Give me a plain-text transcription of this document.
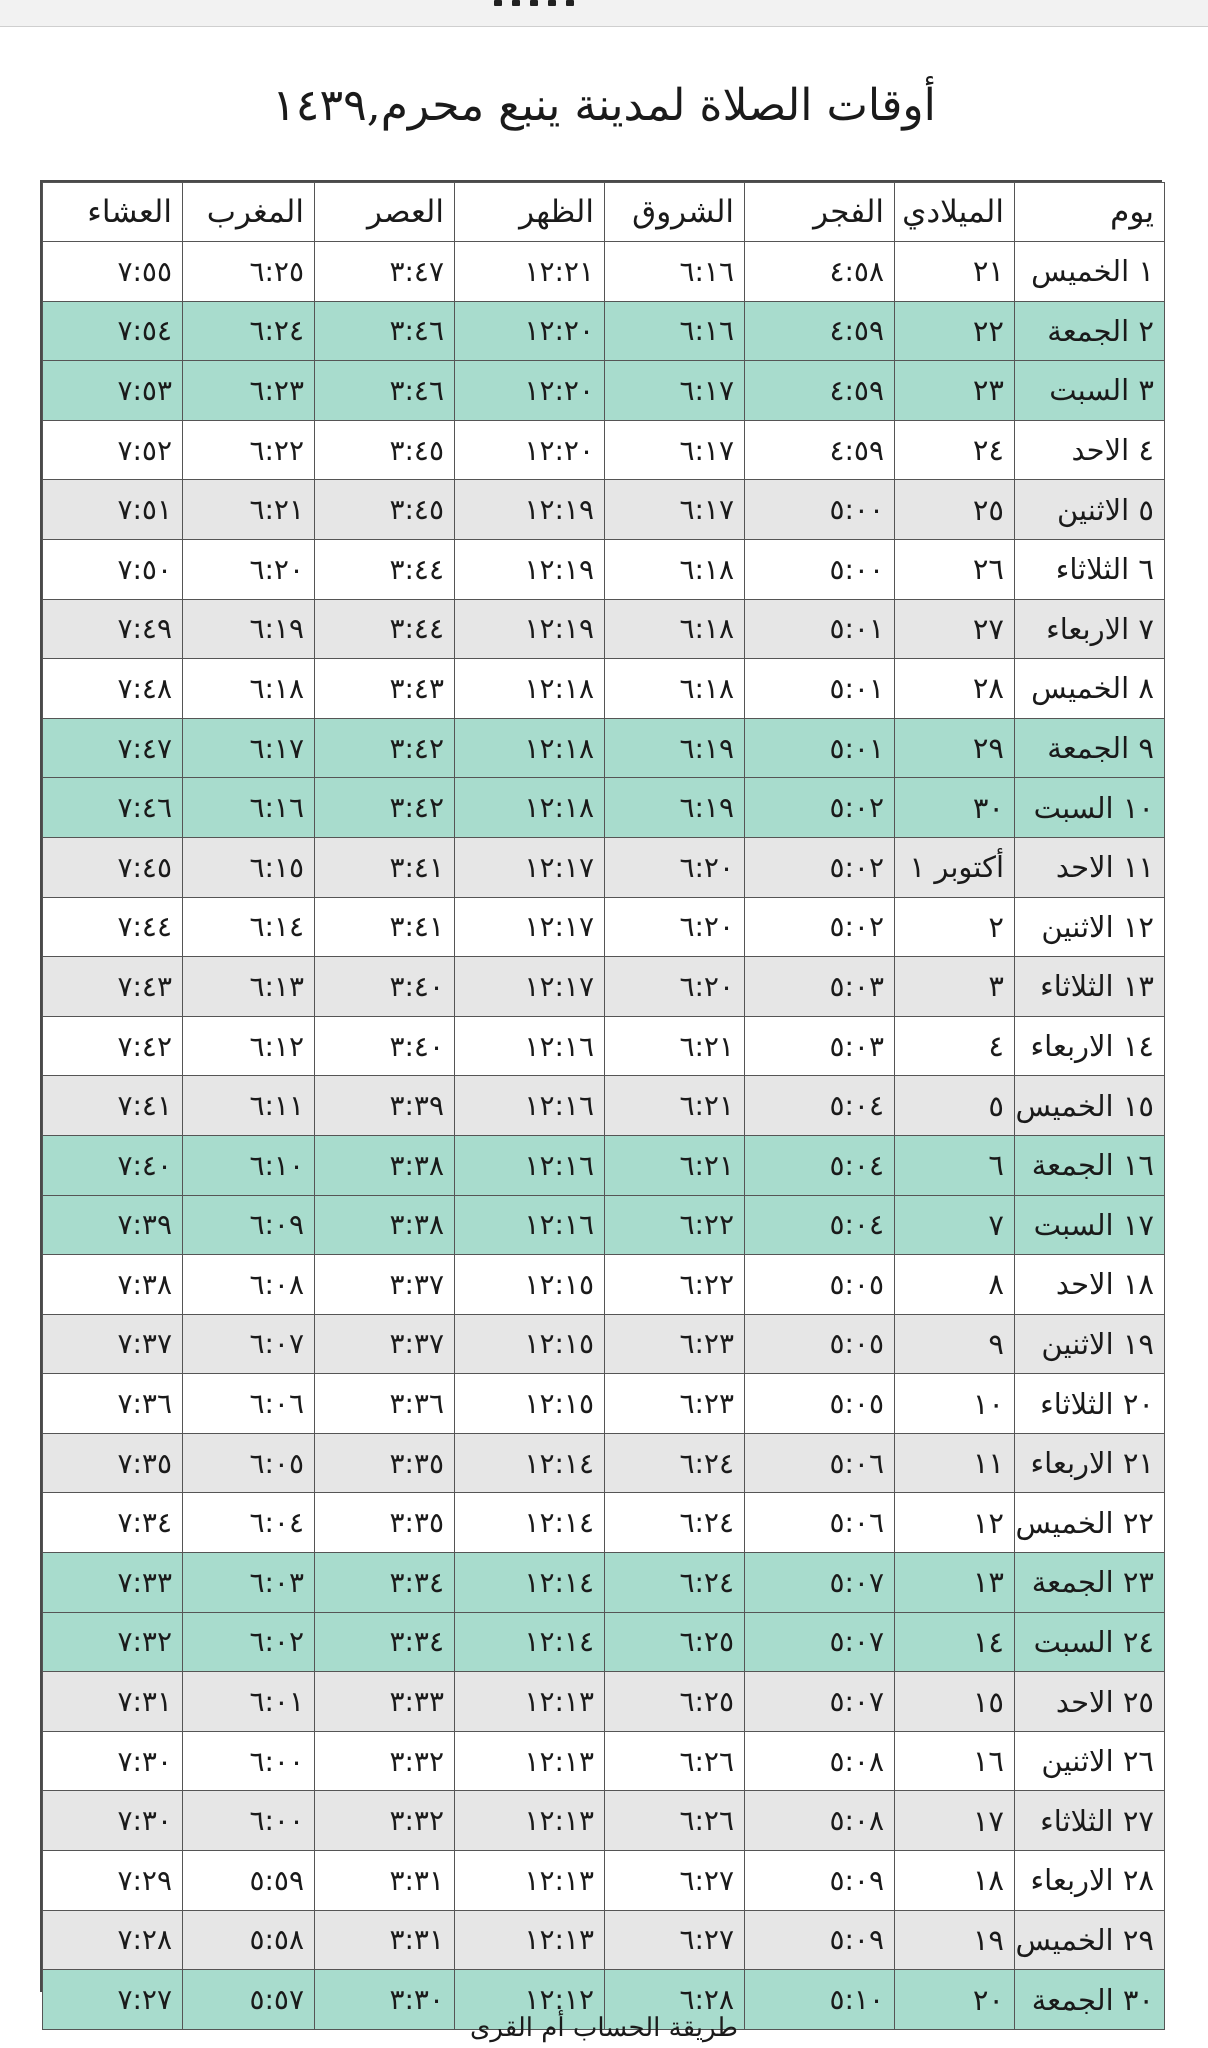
أوقات الصلاة لمدينة ينبع محرم,١٤٣٩
يوم	الميلادي	الفجر	الشروق	الظهر	العصر	المغرب	العشاء
١ الخميس	٢١	٤:٥٨	٦:١٦	١٢:٢١	٣:٤٧	٦:٢٥	٧:٥٥
٢ الجمعة	٢٢	٤:٥٩	٦:١٦	١٢:٢٠	٣:٤٦	٦:٢٤	٧:٥٤
٣ السبت	٢٣	٤:٥٩	٦:١٧	١٢:٢٠	٣:٤٦	٦:٢٣	٧:٥٣
٤ الاحد	٢٤	٤:٥٩	٦:١٧	١٢:٢٠	٣:٤٥	٦:٢٢	٧:٥٢
٥ الاثنين	٢٥	٥:٠٠	٦:١٧	١٢:١٩	٣:٤٥	٦:٢١	٧:٥١
٦ الثلاثاء	٢٦	٥:٠٠	٦:١٨	١٢:١٩	٣:٤٤	٦:٢٠	٧:٥٠
٧ الاربعاء	٢٧	٥:٠١	٦:١٨	١٢:١٩	٣:٤٤	٦:١٩	٧:٤٩
٨ الخميس	٢٨	٥:٠١	٦:١٨	١٢:١٨	٣:٤٣	٦:١٨	٧:٤٨
٩ الجمعة	٢٩	٥:٠١	٦:١٩	١٢:١٨	٣:٤٢	٦:١٧	٧:٤٧
١٠ السبت	٣٠	٥:٠٢	٦:١٩	١٢:١٨	٣:٤٢	٦:١٦	٧:٤٦
١١ الاحد	أكتوبر ١	٥:٠٢	٦:٢٠	١٢:١٧	٣:٤١	٦:١٥	٧:٤٥
١٢ الاثنين	٢	٥:٠٢	٦:٢٠	١٢:١٧	٣:٤١	٦:١٤	٧:٤٤
١٣ الثلاثاء	٣	٥:٠٣	٦:٢٠	١٢:١٧	٣:٤٠	٦:١٣	٧:٤٣
١٤ الاربعاء	٤	٥:٠٣	٦:٢١	١٢:١٦	٣:٤٠	٦:١٢	٧:٤٢
١٥ الخميس	٥	٥:٠٤	٦:٢١	١٢:١٦	٣:٣٩	٦:١١	٧:٤١
١٦ الجمعة	٦	٥:٠٤	٦:٢١	١٢:١٦	٣:٣٨	٦:١٠	٧:٤٠
١٧ السبت	٧	٥:٠٤	٦:٢٢	١٢:١٦	٣:٣٨	٦:٠٩	٧:٣٩
١٨ الاحد	٨	٥:٠٥	٦:٢٢	١٢:١٥	٣:٣٧	٦:٠٨	٧:٣٨
١٩ الاثنين	٩	٥:٠٥	٦:٢٣	١٢:١٥	٣:٣٧	٦:٠٧	٧:٣٧
٢٠ الثلاثاء	١٠	٥:٠٥	٦:٢٣	١٢:١٥	٣:٣٦	٦:٠٦	٧:٣٦
٢١ الاربعاء	١١	٥:٠٦	٦:٢٤	١٢:١٤	٣:٣٥	٦:٠٥	٧:٣٥
٢٢ الخميس	١٢	٥:٠٦	٦:٢٤	١٢:١٤	٣:٣٥	٦:٠٤	٧:٣٤
٢٣ الجمعة	١٣	٥:٠٧	٦:٢٤	١٢:١٤	٣:٣٤	٦:٠٣	٧:٣٣
٢٤ السبت	١٤	٥:٠٧	٦:٢٥	١٢:١٤	٣:٣٤	٦:٠٢	٧:٣٢
٢٥ الاحد	١٥	٥:٠٧	٦:٢٥	١٢:١٣	٣:٣٣	٦:٠١	٧:٣١
٢٦ الاثنين	١٦	٥:٠٨	٦:٢٦	١٢:١٣	٣:٣٢	٦:٠٠	٧:٣٠
٢٧ الثلاثاء	١٧	٥:٠٨	٦:٢٦	١٢:١٣	٣:٣٢	٦:٠٠	٧:٣٠
٢٨ الاربعاء	١٨	٥:٠٩	٦:٢٧	١٢:١٣	٣:٣١	٥:٥٩	٧:٢٩
٢٩ الخميس	١٩	٥:٠٩	٦:٢٧	١٢:١٣	٣:٣١	٥:٥٨	٧:٢٨
٣٠ الجمعة	٢٠	٥:١٠	٦:٢٨	١٢:١٢	٣:٣٠	٥:٥٧	٧:٢٧
طريقة الحساب أم القرى
